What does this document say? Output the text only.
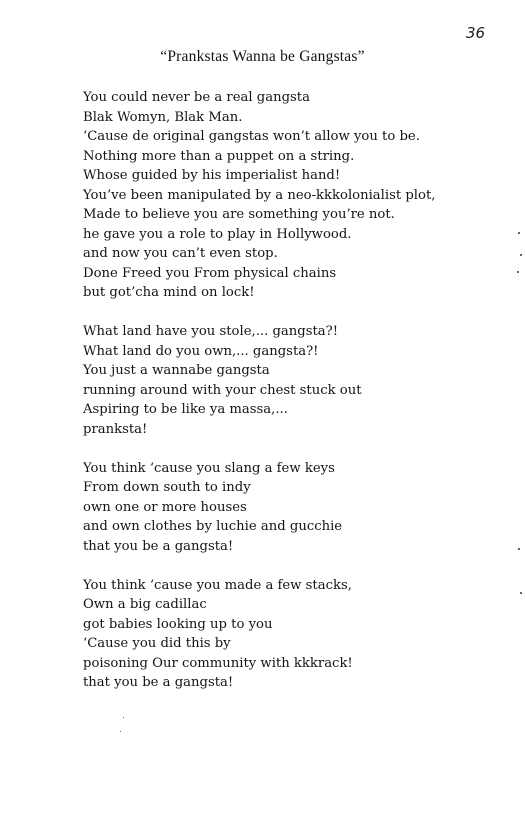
36
“Prankstas Wanna be Gangstas”
You could never be a real gangsta
Blak Womyn, Blak Man.
‘Cause de original gangstas won’t allow you to be.
Nothing more than a puppet on a string.
Whose guided by his imperialist hand!
You’ve been manipulated by a neo-kkkolonialist plot,
Made to believe you are something you’re not.
he gave you a role to play in Hollywood.
and now you can’t even stop.
Done Freed you From physical chains
but got’cha mind on lock!
What land have you stole,... gangsta?!
What land do you own,... gangsta?!
You just a wannabe gangsta
running around with your chest stuck out
Aspiring to be like ya massa,...
pranksta!
You think ‘cause you slang a few keys
From down south to indy
own one or more houses
and own clothes by luchie and gucchie
that you be a gangsta!
You think ‘cause you made a few stacks,
Own a big cadillac
got babies looking up to you
‘Cause you did this by
poisoning Our community with kkkrack!
that you be a gangsta!
